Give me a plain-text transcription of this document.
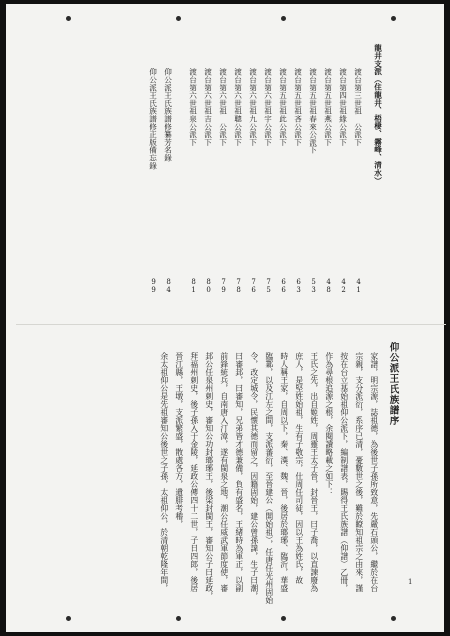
龍井支派（住龍井、梧棲、霧峰、清水）
渡台第三世祖　公派下
41
渡台第四世祖緣公派下
42
渡台第五世祖燕公派下
48
渡台第五世祖春來公派下
53
渡台第五世祖吝公派下
63
渡台第五世祖此公派下
66
渡台第六世祖宇公派下
75
渡台第六世祖九公派下
76
渡台第六世祖聰公派下
78
渡台第六世祖　公派下
79
渡台第六世祖吉公派下
80
渡台第六世祖泉公派下
81
仰公派王氏族譜修纂芳名錄
84
仰公派王氏族譜修正版備忘錄
99
仰公派王氏族譜序
家譜，明宗源，誌祖德，為後世子孫所致意，先嚴石頭公，繼於在台
宗親，支分派衍，系序已清，憂數世之後，難於瞭知祖宗之由來，謹
按在台立基始祖仰公派下，編制譜表，賜得王氏族譜（仰譜）乙冊，
作為尋根追源之根，余閱讀略載之如下：
王氏之先，出自姬姓，周靈王太子晉，封晉王，曰子喬，以直諫廢為
庶人，是堅姓始祖，生有子敬宗，仕周任司徒，因以王為姓氏，故
時人稱王家，自周以下，秦、漢、魏、晉，後居於瑯琊、臨沂，華盛
臨鄴，以及江左之間，支派蕃衍，至晉建公（開始祖），任唐任光州固始
令，改定城令，民懷其德而留之，因籍固始，建公曾孫諱，生子曰潮，
曰審邽，曰審知，兄弟皆才德兼備，負有盛名，王緒時為軍正，以副
前鋒統兵，自南唐入汀漳，遂有閩泉之地，潮公任威武軍節度使，審
邽公任泉州刺史，審知公功封瑯琊王，後梁封閩王，審知公子曰延政，
拜福州刺史，後子孫入于金陵，延政公傳四十二世，子日四郎，後居
晉江縣，王墩，支派繁盛，散處各方，遺腓考稽，
余太祖仰公是先祖審知公後世之子孫，太祖仰公，於清朝乾隆年間，	1
